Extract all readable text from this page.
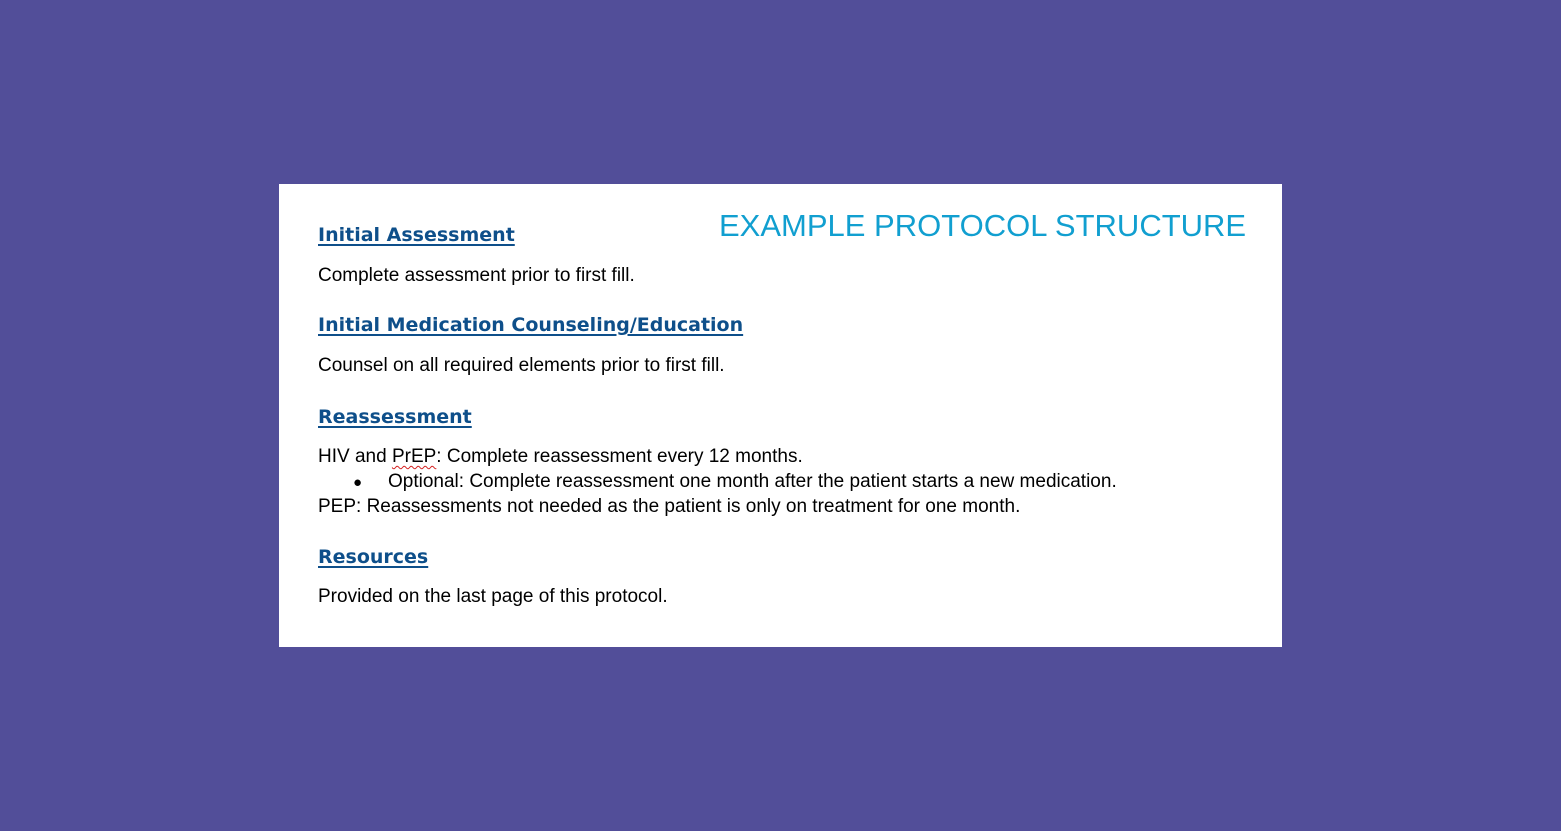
EXAMPLE PROTOCOL STRUCTURE
Initial Assessment

Complete assessment prior to first fill.

Initial Medication Counseling/Education

Counsel on all required elements prior to first fill.

Reassessment

HIV and PrEP: Complete reassessment every 12 months.

● Optional: Complete reassessment one month after the patient starts a new medication.

PEP: Reassessments not needed as the patient is only on treatment for one month.

Resources

Provided on the last page of this protocol.
